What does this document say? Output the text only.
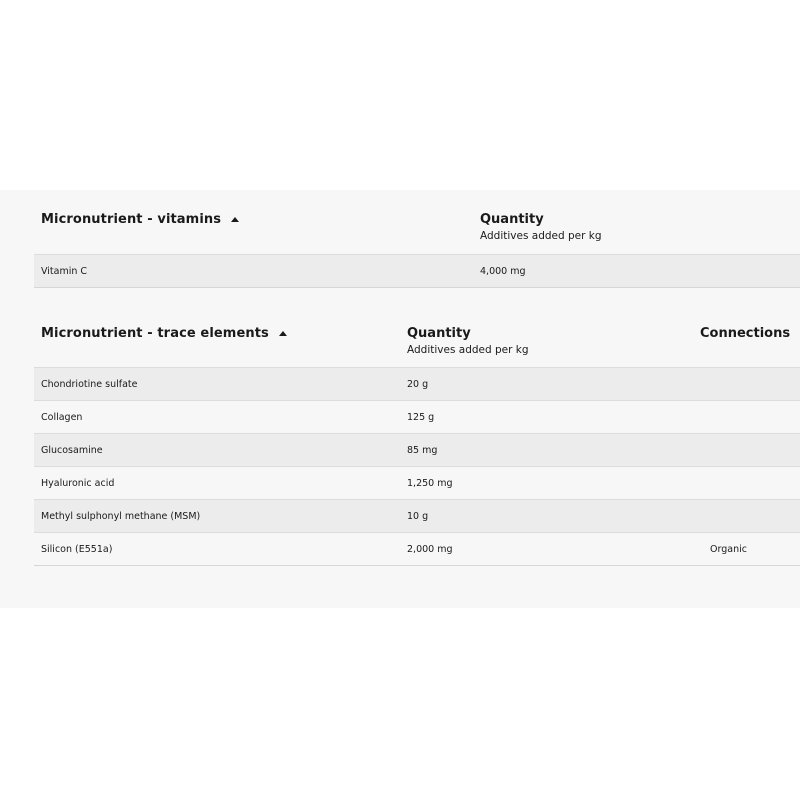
Micronutrient - vitamins	Quantity
Additives added per kg
Vitamin C	4,000 mg
Micronutrient - trace elements	Quantity
Additives added per kg
Connections
Chondriotine sulfate	20 g
Collagen	125 g
Glucosamine	85 mg
Hyaluronic acid	1,250 mg
Methyl sulphonyl methane (MSM)	10 g
Silicon (E551a)	2,000 mg	Organic
